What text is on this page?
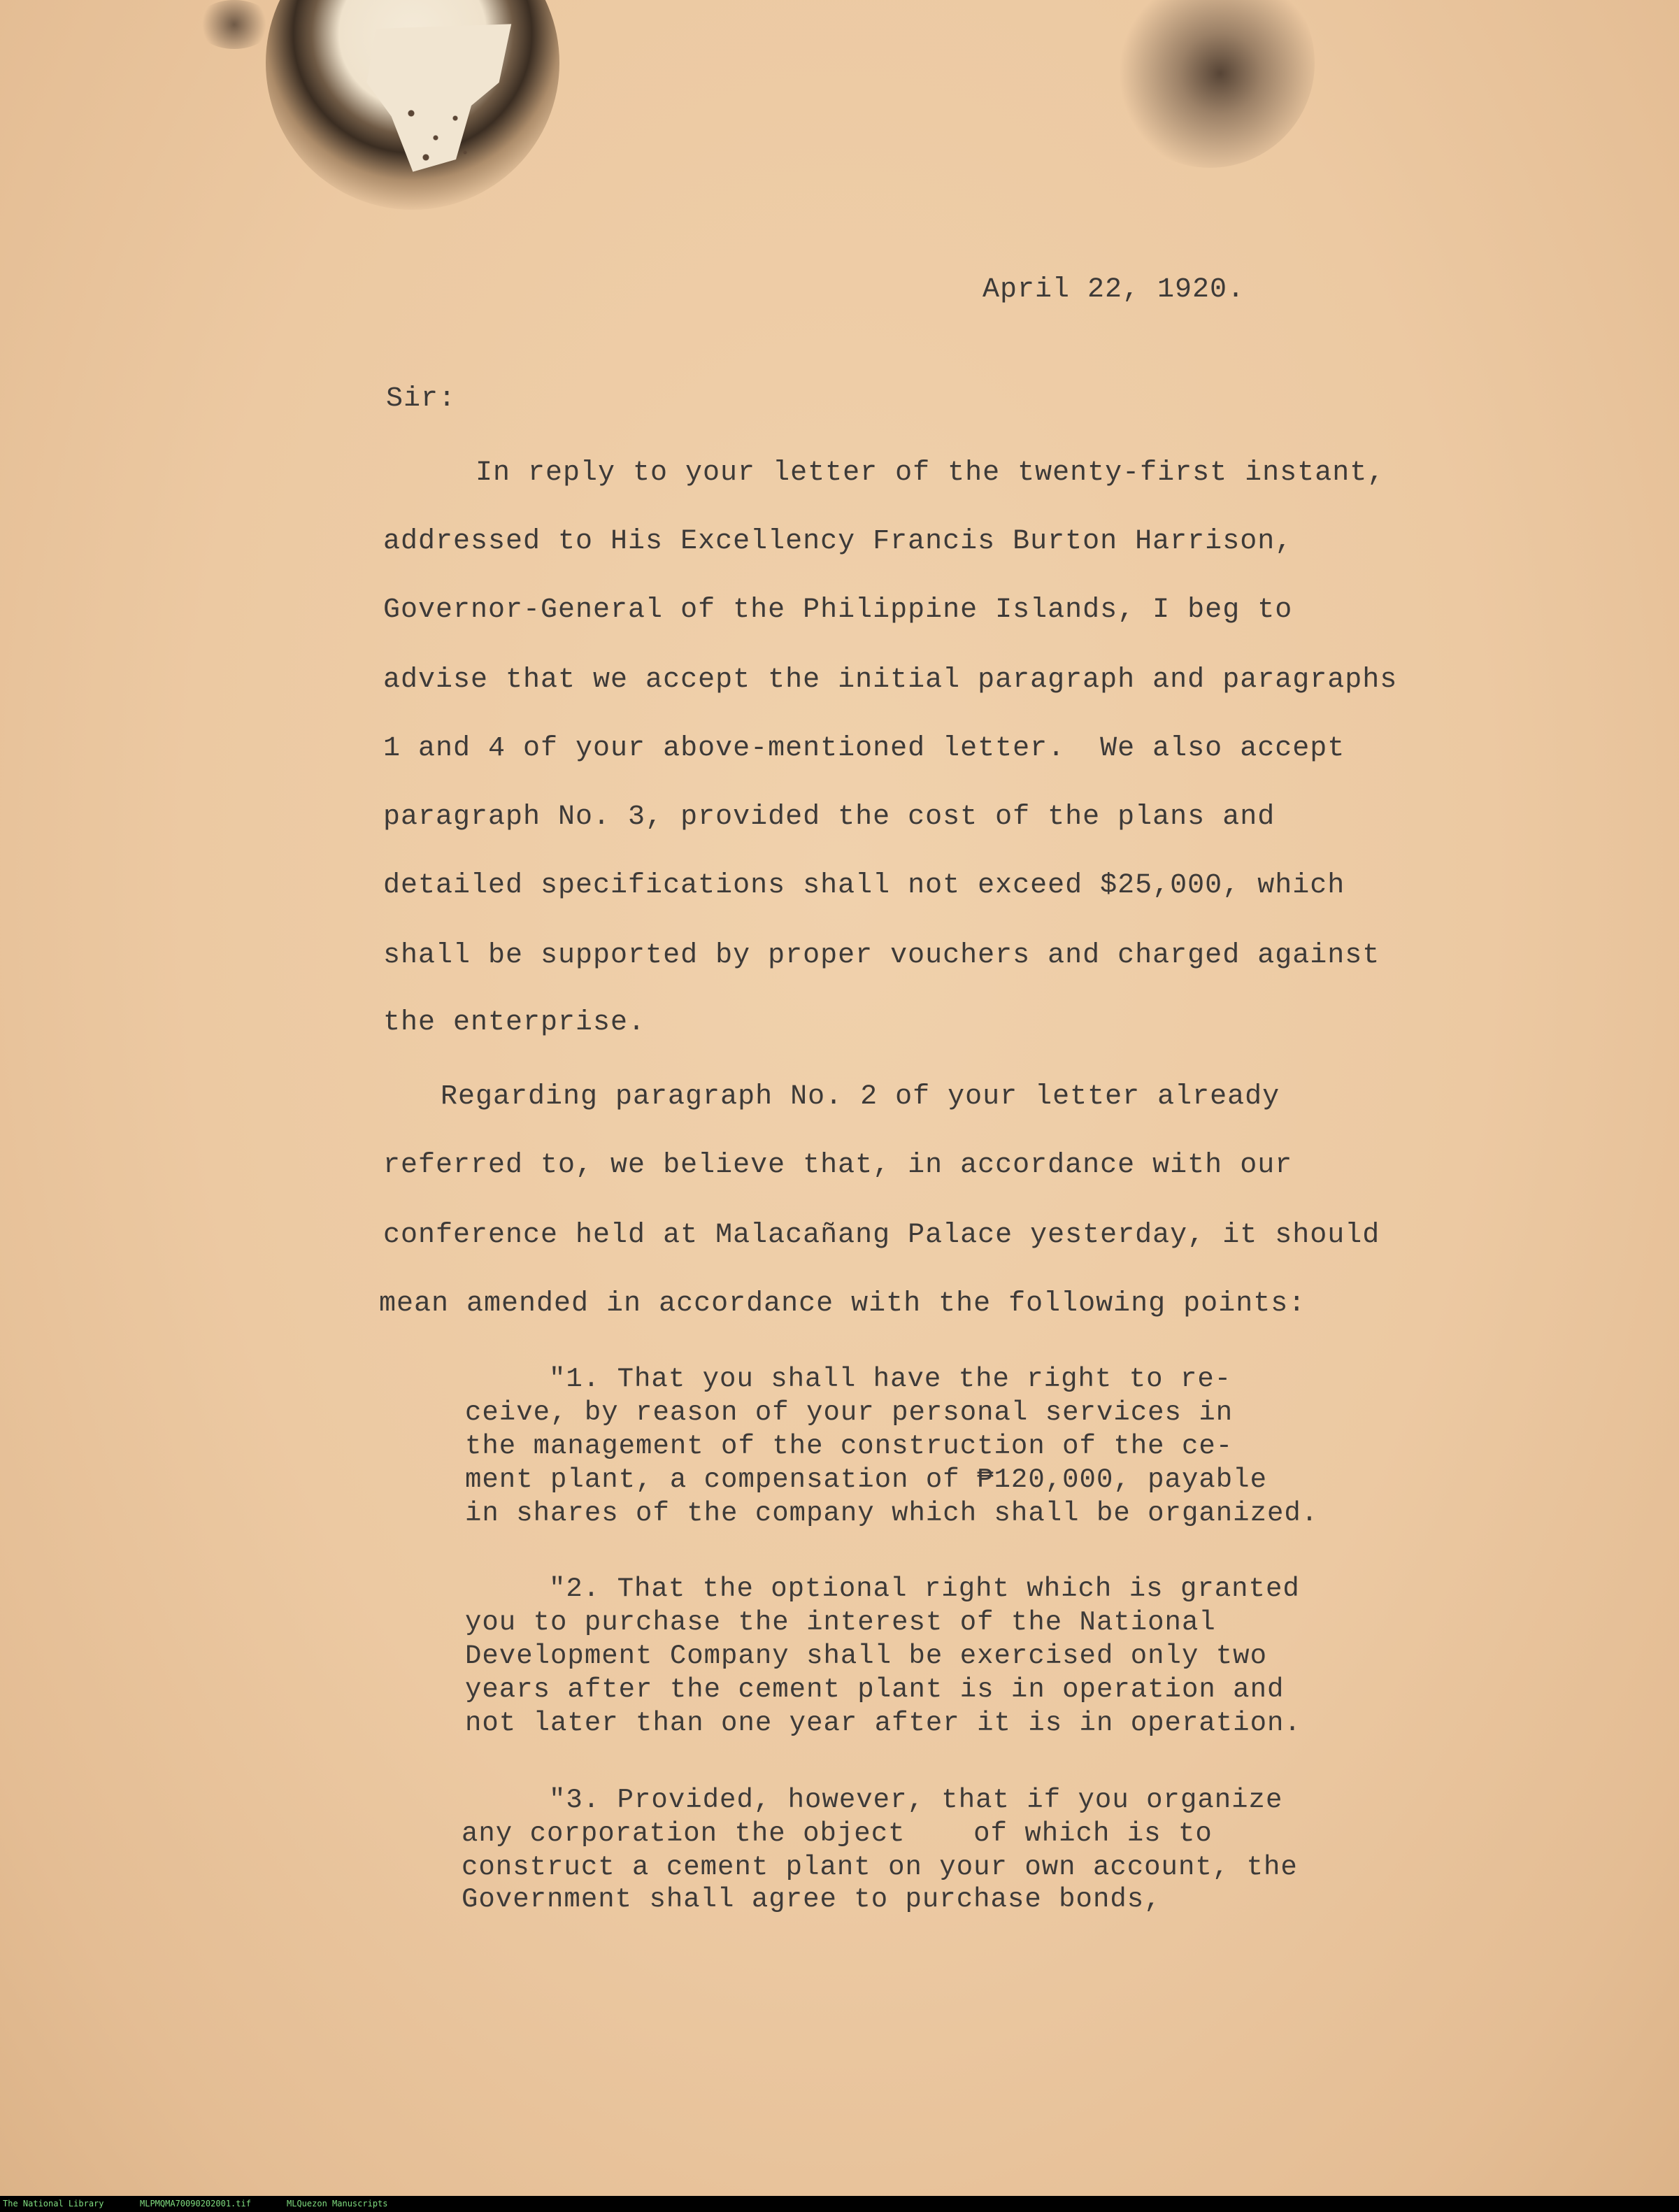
April 22, 1920.
Sir:
In reply to your letter of the twenty-first instant,
addressed to His Excellency Francis Burton Harrison,
Governor-General of the Philippine Islands, I beg to
advise that we accept the initial paragraph and paragraphs
1 and 4 of your above-mentioned letter.  We also accept
paragraph No. 3, provided the cost of the plans and
detailed specifications shall not exceed $25,000, which
shall be supported by proper vouchers and charged against
the enterprise.
Regarding paragraph No. 2 of your letter already
referred to, we believe that, in accordance with our
conference held at Malacañang Palace yesterday, it should
mean amended in accordance with the following points:
"1. That you shall have the right to re-
ceive, by reason of your personal services in
the management of the construction of the ce-
ment plant, a compensation of ₱120,000, payable
in shares of the company which shall be organized.
"2. That the optional right which is granted
you to purchase the interest of the National
Development Company shall be exercised only two
years after the cement plant is in operation and
not later than one year after it is in operation.
"3. Provided, however, that if you organize
any corporation the object    of which is to
construct a cement plant on your own account, the
Government shall agree to purchase bonds,
The National Library	MLPMQMA70090202001.tif	MLQuezon Manuscripts
